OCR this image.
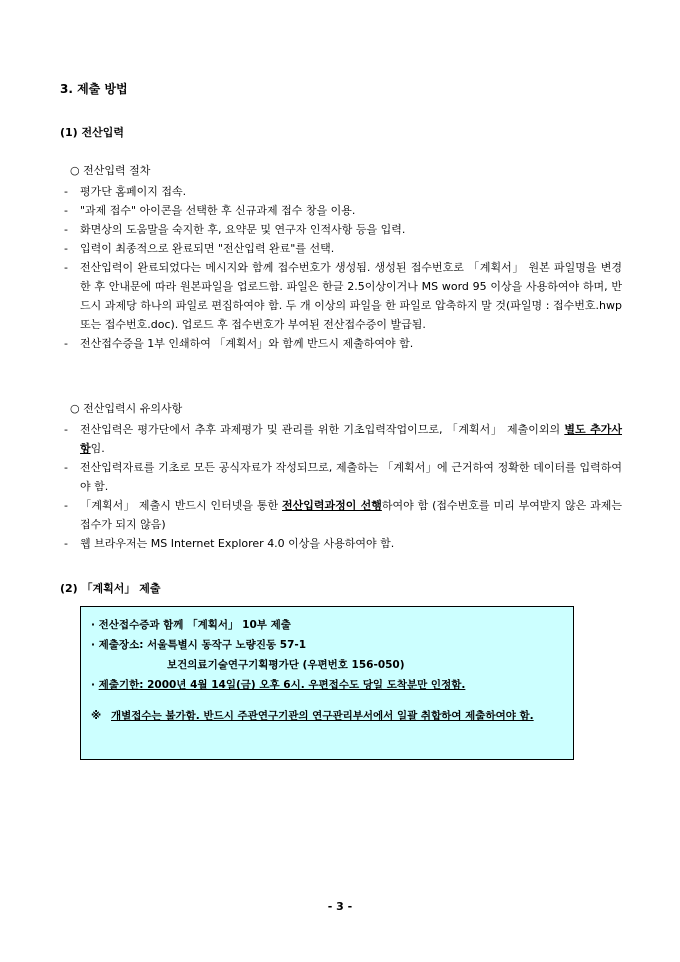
3. 제출 방법
(1) 전산입력
○ 전산입력 절차
-	평가단 홈페이지 접속.
-	"과제 접수" 아이콘을 선택한 후 신규과제 접수 창을 이용.
-	화면상의 도움말을 숙지한 후, 요약문 및 연구자 인적사항 등을 입력.
-	입력이 최종적으로 완료되면 "전산입력 완료"를 선택.
-	전산입력이 완료되었다는 메시지와 함께 접수번호가 생성됨. 생성된 접수번호로 「계획서」 원본 파일명을 변경한 후 안내문에 따라 원본파일을 업로드함. 파일은 한글 2.5이상이거나 MS word 95 이상을 사용하여야 하며, 반드시 과제당 하나의 파일로 편집하여야 함. 두 개 이상의 파일을 한 파일로 압축하지 말 것(파일명 : 접수번호.hwp 또는 접수번호.doc). 업로드 후 접수번호가 부여된 전산접수증이 발급됨.
-	전산접수증을 1부 인쇄하여 「계획서」와 함께 반드시 제출하여야 함.
○ 전산입력시 유의사항
-	전산입력은 평가단에서 추후 과제평가 및 관리를 위한 기초입력작업이므로, 「계획서」 제출이외의 별도 추가사항임.
-	전산입력자료를 기초로 모든 공식자료가 작성되므로, 제출하는 「계획서」에 근거하여 정확한 데이터를 입력하여야 함.
-	「계획서」 제출시 반드시 인터넷을 통한 전산입력과정이 선행하여야 함 (접수번호를 미리 부여받지 않은 과제는 접수가 되지 않음)
-	웹 브라우저는 MS Internet Explorer 4.0 이상을 사용하여야 함.
(2) 「계획서」 제출
· 전산접수증과 함께 「계획서」 10부 제출
· 제출장소: 서울특별시 동작구 노량진동 57-1
보건의료기술연구기획평가단 (우편번호 156-050)
· 제출기한: 2000년 4월 14일(금) 오후 6시. 우편접수도 당일 도착분만 인정함.
※ 개별접수는 불가함. 반드시 주관연구기관의 연구관리부서에서 일괄 취합하여 제출하여야 함.
- 3 -
